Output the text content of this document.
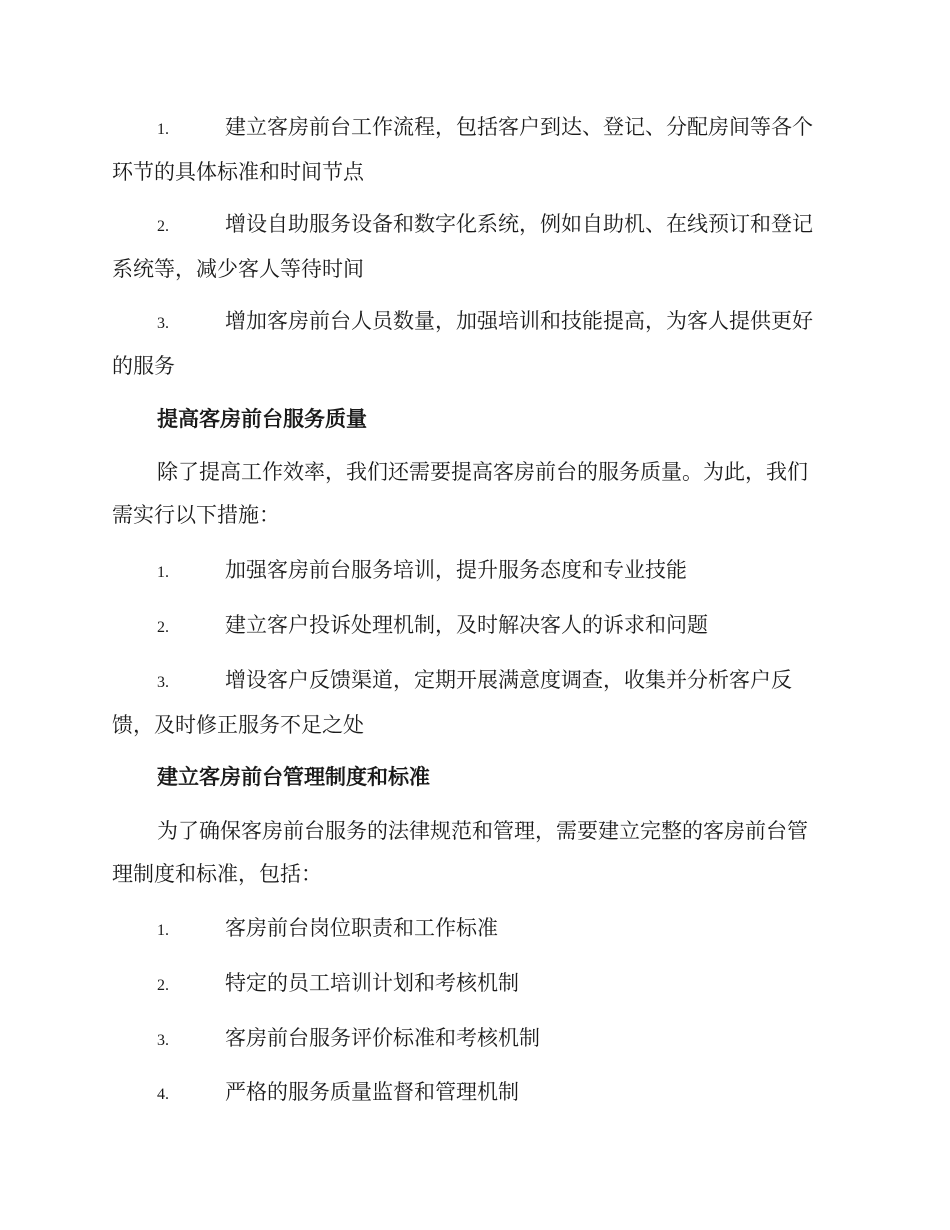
1.	建立客房前台工作流程，包括客户到达、登记、分配房间等各个
环节的具体标准和时间节点
2.	增设自助服务设备和数字化系统，例如自助机、在线预订和登记
系统等，减少客人等待时间
3.	增加客房前台人员数量，加强培训和技能提高，为客人提供更好
的服务
提高客房前台服务质量
除了提高工作效率，我们还需要提高客房前台的服务质量。为此，我们
需实行以下措施：
1.	加强客房前台服务培训，提升服务态度和专业技能
2.	建立客户投诉处理机制，及时解决客人的诉求和问题
3.	增设客户反馈渠道，定期开展满意度调查，收集并分析客户反
馈，及时修正服务不足之处
建立客房前台管理制度和标准
为了确保客房前台服务的法律规范和管理，需要建立完整的客房前台管
理制度和标准，包括：
1.	客房前台岗位职责和工作标准
2.	特定的员工培训计划和考核机制
3.	客房前台服务评价标准和考核机制
4.	严格的服务质量监督和管理机制
